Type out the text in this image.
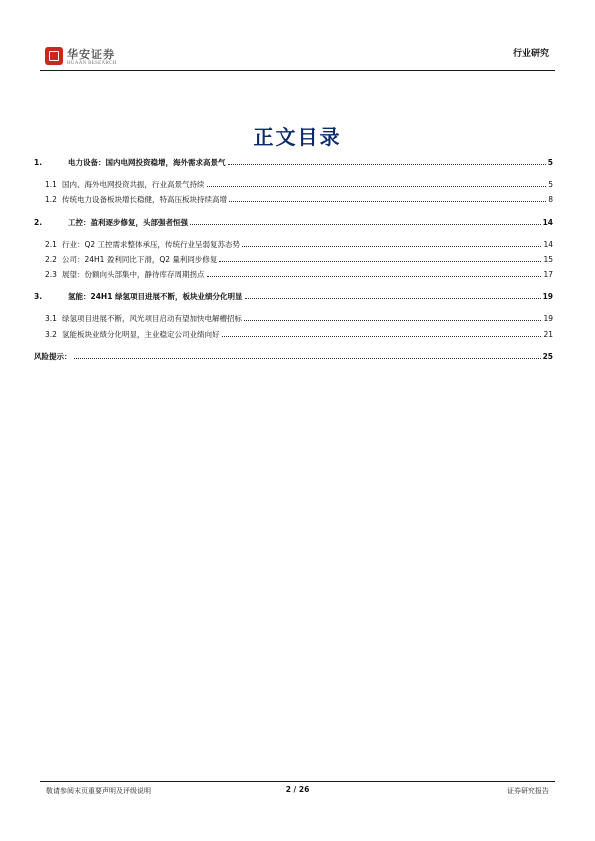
华安证券
HUAAN RESEARCH
行业研究
正文目录
1.	电力设备：国内电网投资稳增，海外需求高景气	5
1.1 国内、海外电网投资共振，行业高景气持续	5
1.2 传统电力设备板块增长稳健，特高压板块持续高增	8
2.	工控：盈利逐步修复，头部强者恒强	14
2.1 行业：Q2 工控需求整体承压，传统行业呈弱复苏态势	14
2.2 公司：24H1 盈利同比下滑，Q2 量利同步修复	15
2.3 展望：份额向头部集中，静待库存周期拐点	17
3.	氢能：24H1 绿氢项目进展不断，板块业绩分化明显	19
3.1 绿氢项目进展不断，风光项目启动有望加快电解槽招标	19
3.2 氢能板块业绩分化明显，主业稳定公司业绩向好	21
风险提示：	25
敬请参阅末页重要声明及评级说明	2 / 26	证券研究报告
